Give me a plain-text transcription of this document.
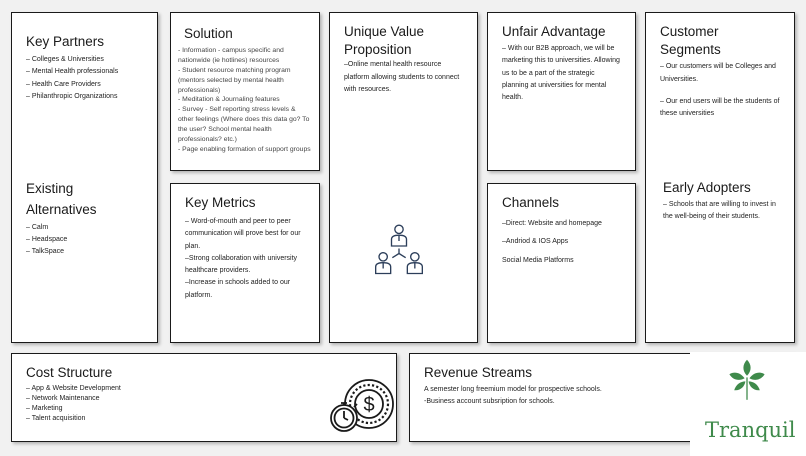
Key Partners
– Colleges & Universities
– Mental Health professionals
– Health Care Providers
– Philanthropic Organizations
Existing
Alternatives
– Calm
– Headspace
– TalkSpace
Solution
- Information - campus specific and nationwide (ie hotlines) resources
- Student resource matching program (mentors selected by mental health professionals)
- Meditation & Journaling features
- Survey - Self reporting stress levels & other feelings (Where does this data go? To the user? School mental health professionals? etc.)
- Page enabling formation of support groups
Key Metrics
– Word-of-mouth and peer to peer communication will prove best for our plan.
–Strong collaboration with university healthcare providers.
–Increase in schools added to our platform.
Unique Value
Proposition
–Online mental health resource platform allowing students to connect with resources.
Unfair Advantage
– With our B2B approach, we will be marketing this to universities. Allowing us to be a part of the strategic planning at universities for mental health.
Channels
–Direct: Website and homepage
–Andriod & IOS Apps
Social Media Platforms
Customer Segments
– Our customers will be Colleges and Universities.
– Our end users will be the students of these universities
Early Adopters
– Schools that are willing to invest in the well-being of their students.
Cost Structure
– App & Website Development
– Network Maintenance
– Marketing
– Talent acquisition
$
Revenue Streams
A semester long freemium model for prospective schools.
-Business account subsription for schools.
Tranquil
